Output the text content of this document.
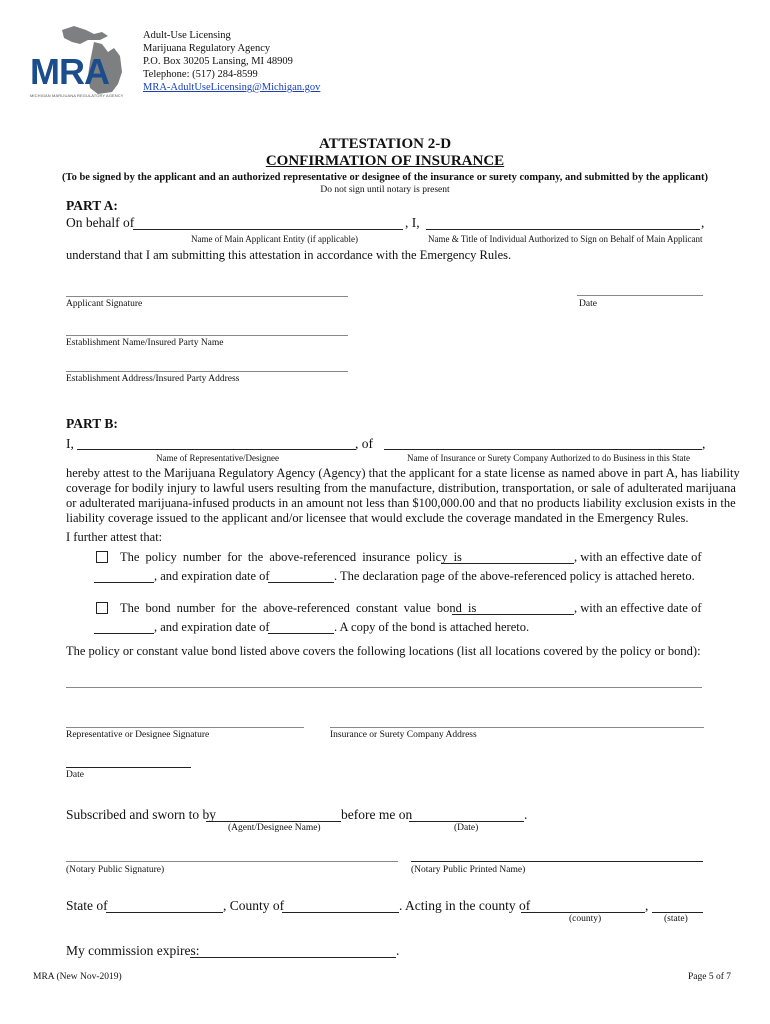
MRA
MICHIGAN MARIJUANA REGULATORY AGENCY
Adult-Use Licensing
Marijuana Regulatory Agency
P.O. Box 30205 Lansing, MI 48909
Telephone: (517) 284-8599
MRA-AdultUseLicensing@Michigan.gov
ATTESTATION 2-D
CONFIRMATION OF INSURANCE
(To be signed by the applicant and an authorized representative or designee of the insurance or surety company, and submitted by the applicant)
Do not sign until notary is present
PART A:
On behalf of	, I,	,
Name of Main Applicant Entity (if applicable)	Name & Title of Individual Authorized to Sign on Behalf of Main Applicant
understand that I am submitting this attestation in accordance with the Emergency Rules.
Applicant Signature	Date
Establishment Name/Insured Party Name
Establishment Address/Insured Party Address
PART B:
I,	, of	,
Name of Representative/Designee	Name of Insurance or Surety Company Authorized to do Business in this State
hereby attest to the Marijuana Regulatory Agency (Agency) that the applicant for a state license as named above in part A, has liability
coverage for bodily injury to lawful users resulting from the manufacture, distribution, transportation, or sale of adulterated marijuana
or adulterated marijuana-infused products in an amount not less than $100,000.00 and that no products liability exclusion exists in the
liability coverage issued to the applicant and/or licensee that would exclude the coverage mandated in the Emergency Rules.
I further attest that:
The policy number for the above-referenced insurance policy is	, with an effective date of
, and expiration date of	. The declaration page of the above-referenced policy is attached hereto.
The bond number for the above-referenced constant value bond is	, with an effective date of
, and expiration date of	. A copy of the bond is attached hereto.
The policy or constant value bond listed above covers the following locations (list all locations covered by the policy or bond):
Representative or Designee Signature	Insurance or Surety Company Address
Date
Subscribed and sworn to by	before me on	.
(Agent/Designee Name)	(Date)
(Notary Public Signature)	(Notary Public Printed Name)
State of	, County of	. Acting in the county of	,
(county)	(state)
My commission expires:	.
MRA (New Nov-2019)	Page 5 of 7
